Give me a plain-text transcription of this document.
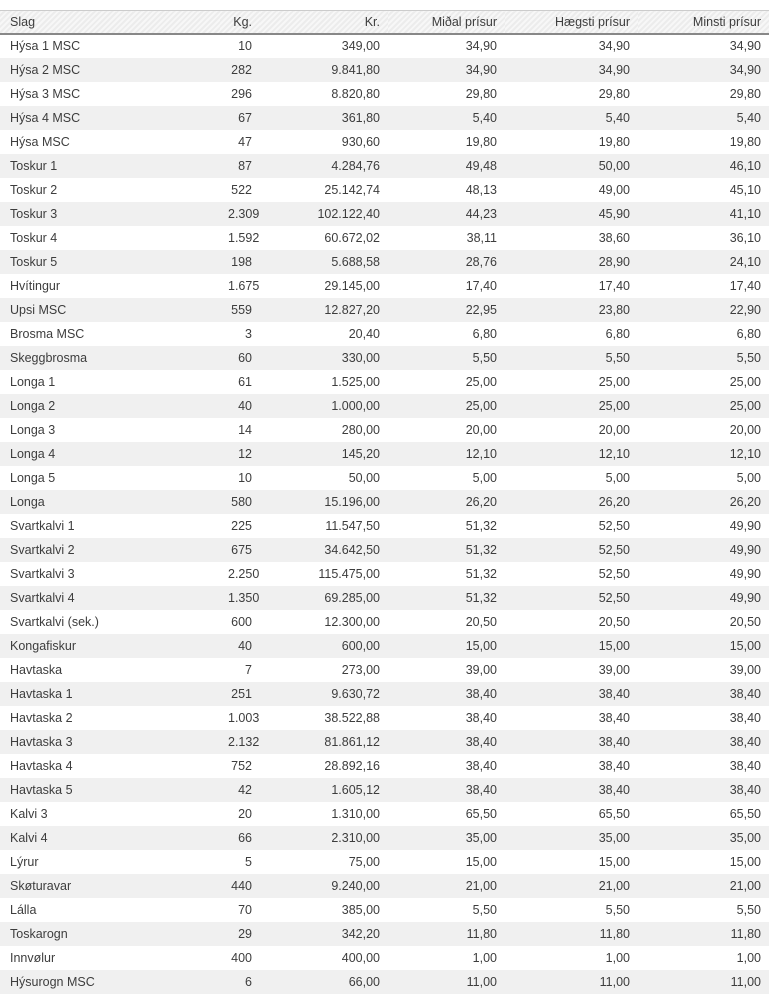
Slag	Kg.	Kr.	Miðal prísur	Hægsti prísur	Minsti prísur
Hýsa 1 MSC	10	349,00	34,90	34,90	34,90
Hýsa 2 MSC	282	9.841,80	34,90	34,90	34,90
Hýsa 3 MSC	296	8.820,80	29,80	29,80	29,80
Hýsa 4 MSC	67	361,80	5,40	5,40	5,40
Hýsa MSC	47	930,60	19,80	19,80	19,80
Toskur 1	87	4.284,76	49,48	50,00	46,10
Toskur 2	522	25.142,74	48,13	49,00	45,10
Toskur 3	2.309	102.122,40	44,23	45,90	41,10
Toskur 4	1.592	60.672,02	38,11	38,60	36,10
Toskur 5	198	5.688,58	28,76	28,90	24,10
Hvítingur	1.675	29.145,00	17,40	17,40	17,40
Upsi MSC	559	12.827,20	22,95	23,80	22,90
Brosma MSC	3	20,40	6,80	6,80	6,80
Skeggbrosma	60	330,00	5,50	5,50	5,50
Longa 1	61	1.525,00	25,00	25,00	25,00
Longa 2	40	1.000,00	25,00	25,00	25,00
Longa 3	14	280,00	20,00	20,00	20,00
Longa 4	12	145,20	12,10	12,10	12,10
Longa 5	10	50,00	5,00	5,00	5,00
Longa	580	15.196,00	26,20	26,20	26,20
Svartkalvi 1	225	11.547,50	51,32	52,50	49,90
Svartkalvi 2	675	34.642,50	51,32	52,50	49,90
Svartkalvi 3	2.250	115.475,00	51,32	52,50	49,90
Svartkalvi 4	1.350	69.285,00	51,32	52,50	49,90
Svartkalvi (sek.)	600	12.300,00	20,50	20,50	20,50
Kongafiskur	40	600,00	15,00	15,00	15,00
Havtaska	7	273,00	39,00	39,00	39,00
Havtaska 1	251	9.630,72	38,40	38,40	38,40
Havtaska 2	1.003	38.522,88	38,40	38,40	38,40
Havtaska 3	2.132	81.861,12	38,40	38,40	38,40
Havtaska 4	752	28.892,16	38,40	38,40	38,40
Havtaska 5	42	1.605,12	38,40	38,40	38,40
Kalvi 3	20	1.310,00	65,50	65,50	65,50
Kalvi 4	66	2.310,00	35,00	35,00	35,00
Lýrur	5	75,00	15,00	15,00	15,00
Skøturavar	440	9.240,00	21,00	21,00	21,00
Lálla	70	385,00	5,50	5,50	5,50
Toskarogn	29	342,20	11,80	11,80	11,80
Innvølur	400	400,00	1,00	1,00	1,00
Hýsurogn MSC	6	66,00	11,00	11,00	11,00
